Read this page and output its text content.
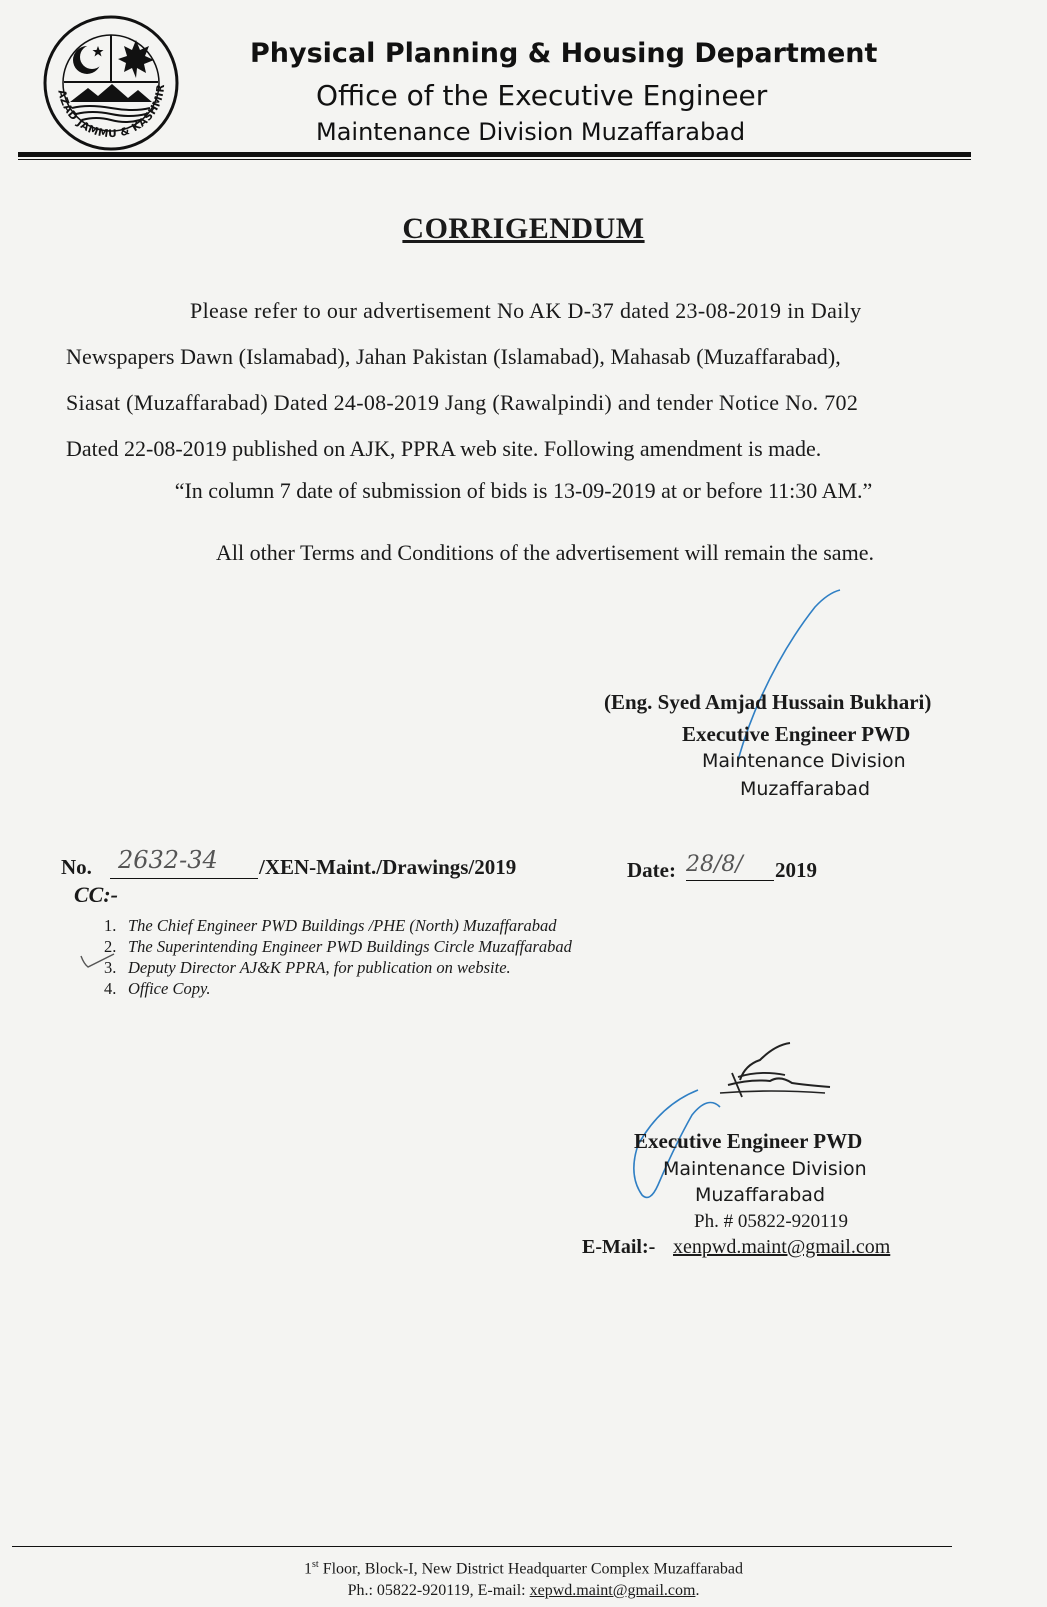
AZAD JAMMU & KASHMIR
Physical Planning & Housing Department
Office of the Executive Engineer
Maintenance Division Muzaffarabad
CORRIGENDUM
Please refer to our advertisement No AK D-37 dated 23-08-2019 in Daily
Newspapers Dawn (Islamabad), Jahan Pakistan (Islamabad), Mahasab (Muzaffarabad),
Siasat (Muzaffarabad) Dated 24-08-2019 Jang (Rawalpindi) and tender Notice No. 702
Dated 22-08-2019 published on AJK, PPRA web site. Following amendment is made.
“In column 7 date of submission of bids is 13-09-2019 at or before 11:30 AM.”
All other Terms and Conditions of the advertisement will remain the same.
(Eng. Syed Amjad Hussain Bukhari)
Executive Engineer PWD
Maintenance Division
Muzaffarabad
No. 2632-34 /XEN-Maint./Drawings/2019	Date: 28/8/ 2019
CC:-
1. The Chief Engineer PWD Buildings /PHE (North) Muzaffarabad
2. The Superintending Engineer PWD Buildings Circle Muzaffarabad
3. Deputy Director AJ&K PPRA, for publication on website.
4. Office Copy.
Executive Engineer PWD
Maintenance Division
Muzaffarabad
Ph. # 05822-920119
E-Mail:- xenpwd.maint@gmail.com
1st Floor, Block-I, New District Headquarter Complex Muzaffarabad
Ph.: 05822-920119, E-mail: xepwd.maint@gmail.com.
